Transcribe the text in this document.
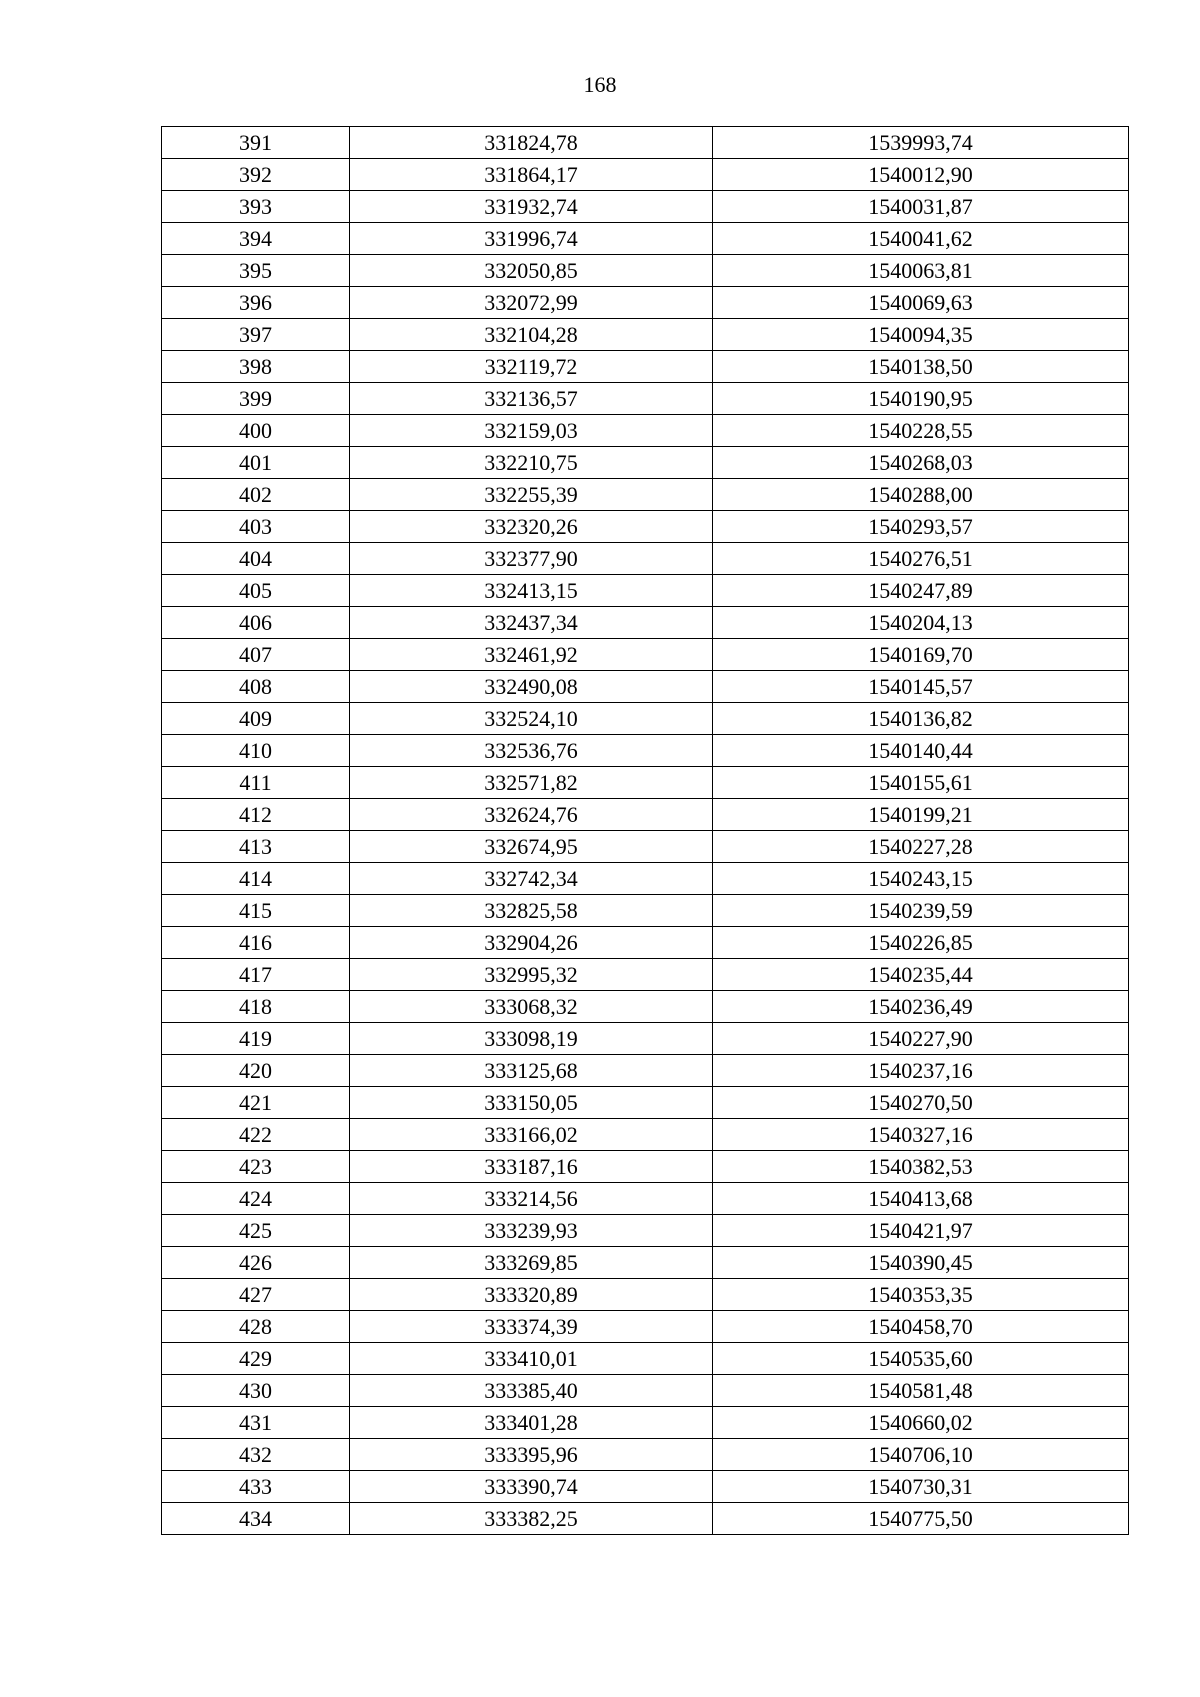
168
391	331824,78	1539993,74
392	331864,17	1540012,90
393	331932,74	1540031,87
394	331996,74	1540041,62
395	332050,85	1540063,81
396	332072,99	1540069,63
397	332104,28	1540094,35
398	332119,72	1540138,50
399	332136,57	1540190,95
400	332159,03	1540228,55
401	332210,75	1540268,03
402	332255,39	1540288,00
403	332320,26	1540293,57
404	332377,90	1540276,51
405	332413,15	1540247,89
406	332437,34	1540204,13
407	332461,92	1540169,70
408	332490,08	1540145,57
409	332524,10	1540136,82
410	332536,76	1540140,44
411	332571,82	1540155,61
412	332624,76	1540199,21
413	332674,95	1540227,28
414	332742,34	1540243,15
415	332825,58	1540239,59
416	332904,26	1540226,85
417	332995,32	1540235,44
418	333068,32	1540236,49
419	333098,19	1540227,90
420	333125,68	1540237,16
421	333150,05	1540270,50
422	333166,02	1540327,16
423	333187,16	1540382,53
424	333214,56	1540413,68
425	333239,93	1540421,97
426	333269,85	1540390,45
427	333320,89	1540353,35
428	333374,39	1540458,70
429	333410,01	1540535,60
430	333385,40	1540581,48
431	333401,28	1540660,02
432	333395,96	1540706,10
433	333390,74	1540730,31
434	333382,25	1540775,50
